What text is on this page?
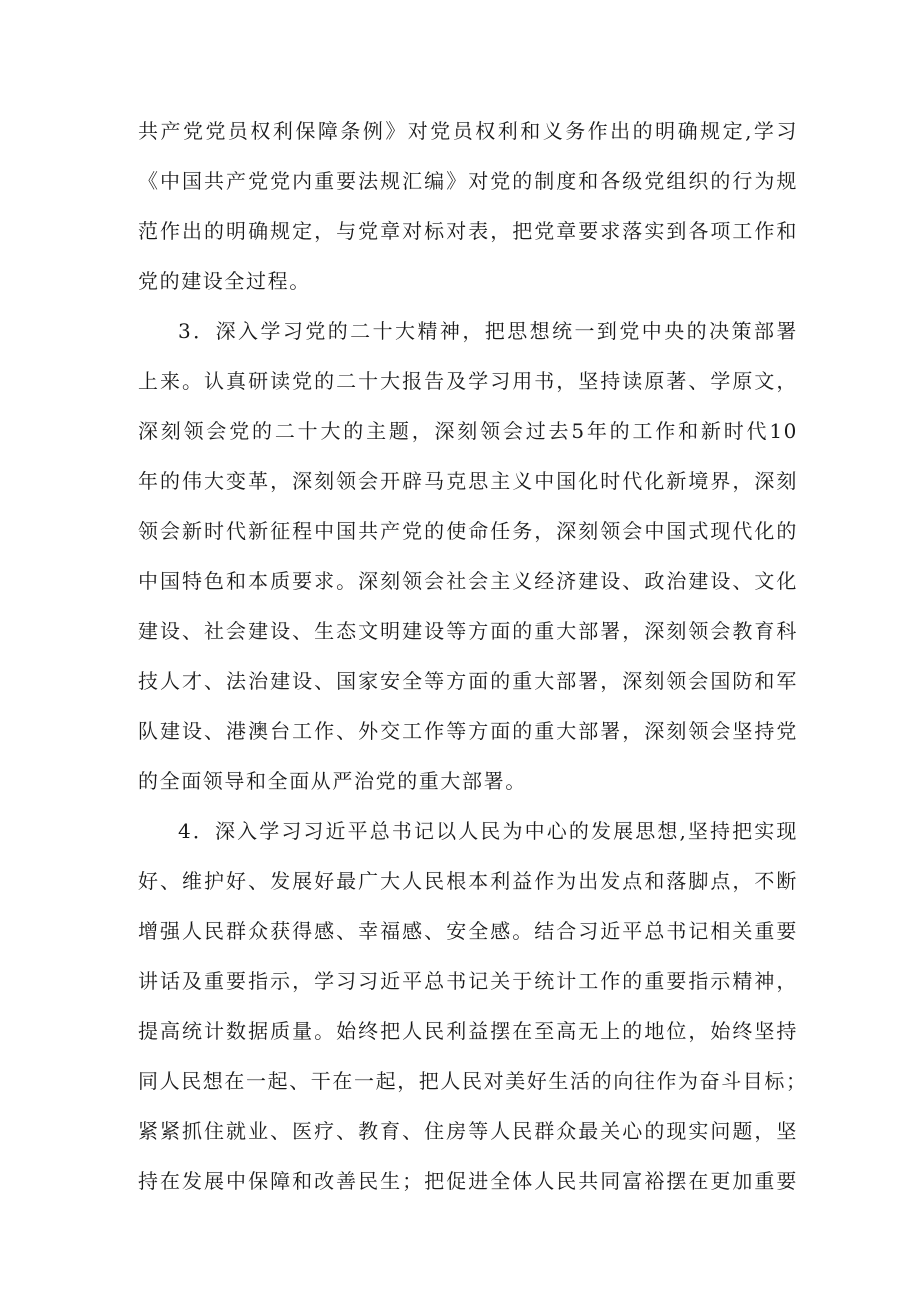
共产党党员权利保障条例》对党员权利和义务作出的明确规定,学习
《中国共产党党内重要法规汇编》对党的制度和各级党组织的行为规
范作出的明确规定，与党章对标对表，把党章要求落实到各项工作和
党的建设全过程。
3．深入学习党的二十大精神，把思想统一到党中央的决策部署
上来。认真研读党的二十大报告及学习用书，坚持读原著、学原文，
深刻领会党的二十大的主题，深刻领会过去5年的工作和新时代10
年的伟大变革，深刻领会开辟马克思主义中国化时代化新境界，深刻
领会新时代新征程中国共产党的使命任务，深刻领会中国式现代化的
中国特色和本质要求。深刻领会社会主义经济建设、政治建设、文化
建设、社会建设、生态文明建设等方面的重大部署，深刻领会教育科
技人才、法治建设、国家安全等方面的重大部署，深刻领会国防和军
队建设、港澳台工作、外交工作等方面的重大部署，深刻领会坚持党
的全面领导和全面从严治党的重大部署。
4．深入学习习近平总书记以人民为中心的发展思想,坚持把实现
好、维护好、发展好最广大人民根本利益作为出发点和落脚点，不断
增强人民群众获得感、幸福感、安全感。结合习近平总书记相关重要
讲话及重要指示，学习习近平总书记关于统计工作的重要指示精神，
提高统计数据质量。始终把人民利益摆在至高无上的地位，始终坚持
同人民想在一起、干在一起，把人民对美好生活的向往作为奋斗目标；
紧紧抓住就业、医疗、教育、住房等人民群众最关心的现实问题，坚
持在发展中保障和改善民生；把促进全体人民共同富裕摆在更加重要
